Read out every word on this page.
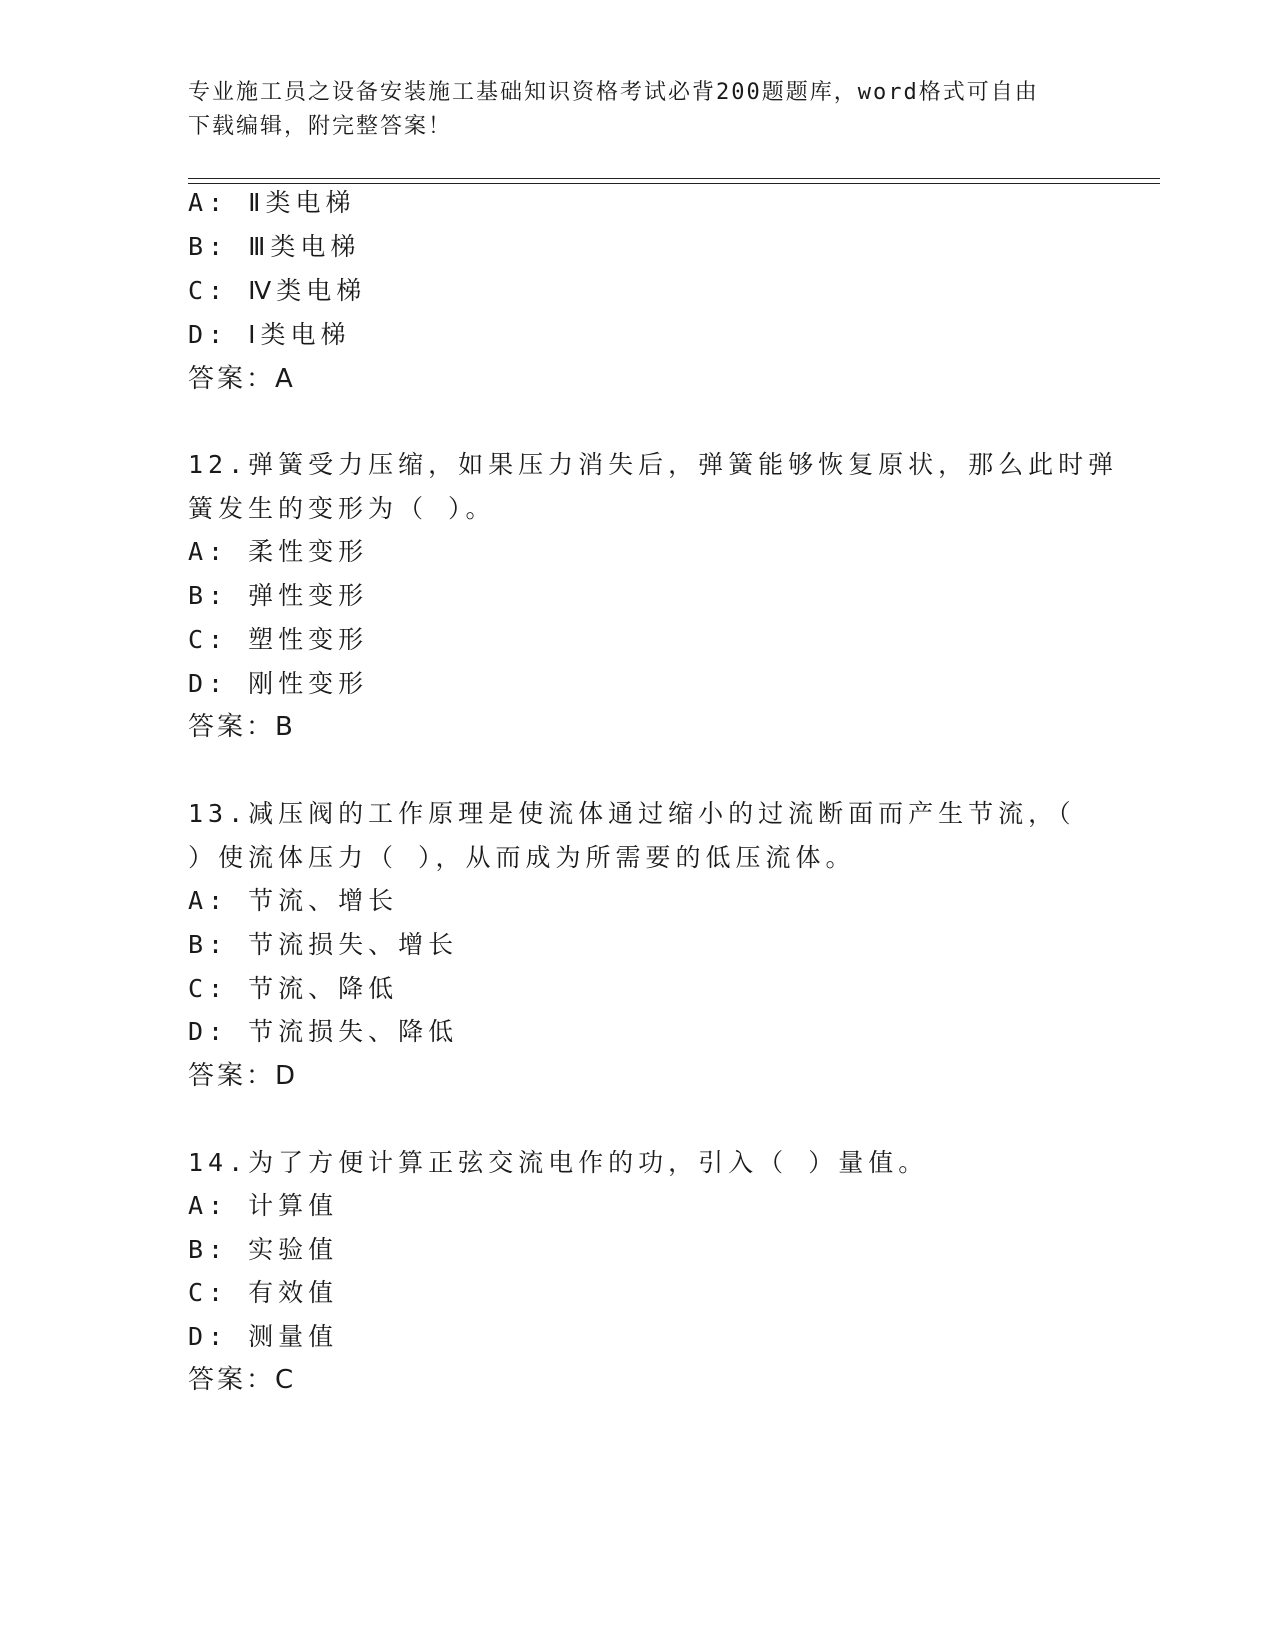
专业施工员之设备安装施工基础知识资格考试必背200题题库，word格式可自由
下载编辑，附完整答案！
A: Ⅱ类电梯
B: Ⅲ类电梯
C: Ⅳ类电梯
D: Ⅰ类电梯
答案：A
12.弹簧受力压缩，如果压力消失后，弹簧能够恢复原状，那么此时弹
簧发生的变形为（ ）。
A: 柔性变形
B: 弹性变形
C: 塑性变形
D: 刚性变形
答案：B
13.减压阀的工作原理是使流体通过缩小的过流断面而产生节流，（
）使流体压力（ ），从而成为所需要的低压流体。
A: 节流、增长
B: 节流损失、增长
C: 节流、降低
D: 节流损失、降低
答案：D
14.为了方便计算正弦交流电作的功，引入（ ）量值。
A: 计算值
B: 实验值
C: 有效值
D: 测量值
答案：C
